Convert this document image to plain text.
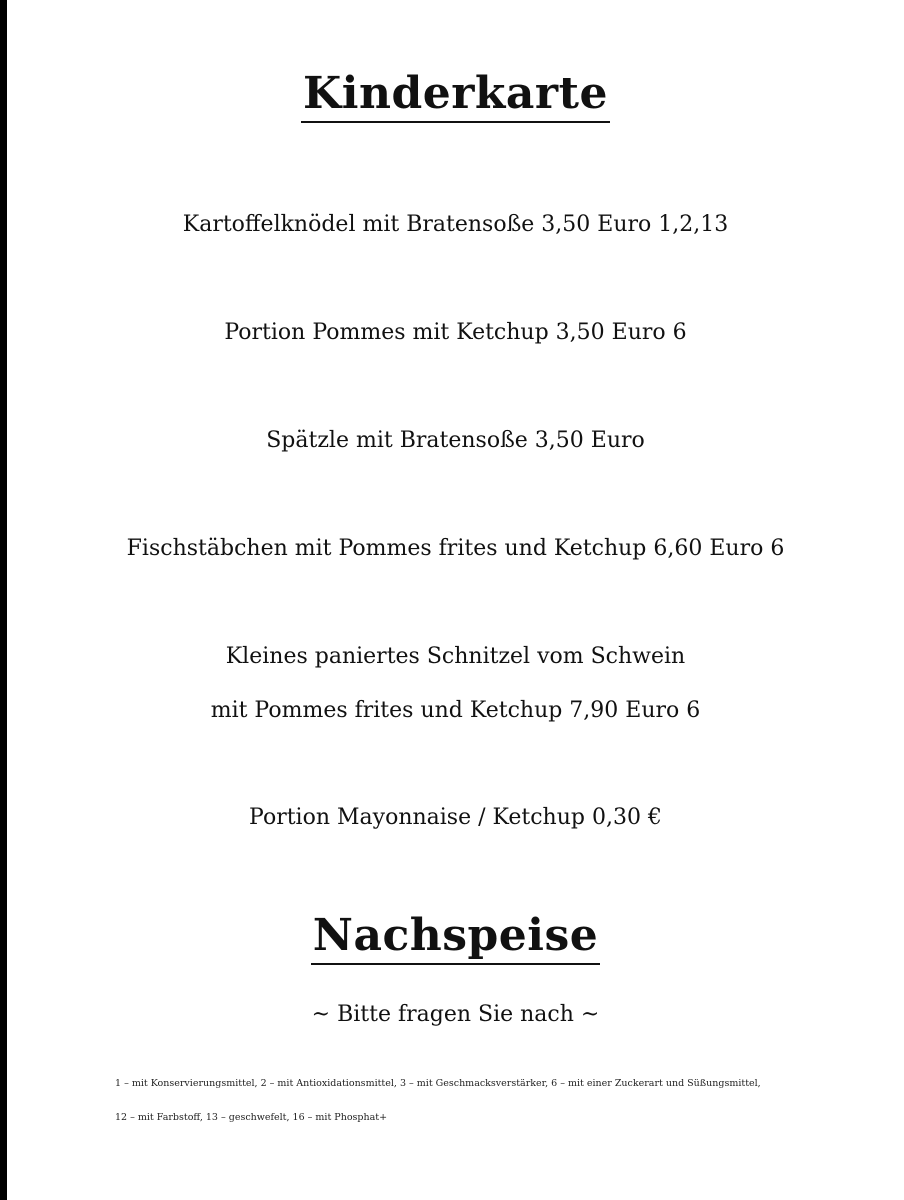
Kinderkarte
Kartoffelknödel mit Bratensoße 3,50 Euro 1,2,13
Portion Pommes mit Ketchup 3,50 Euro 6
Spätzle mit Bratensoße 3,50 Euro
Fischstäbchen mit Pommes frites und Ketchup 6,60 Euro 6
Kleines paniertes Schnitzel vom Schwein
mit Pommes frites und Ketchup 7,90 Euro 6
Portion Mayonnaise / Ketchup 0,30 €
Nachspeise
~ Bitte fragen Sie nach ~
1 – mit Konservierungsmittel, 2 – mit Antioxidationsmittel, 3 – mit Geschmacksverstärker, 6 – mit einer Zuckerart und Süßungsmittel,
12 – mit Farbstoff, 13 – geschwefelt, 16 – mit Phosphat+
